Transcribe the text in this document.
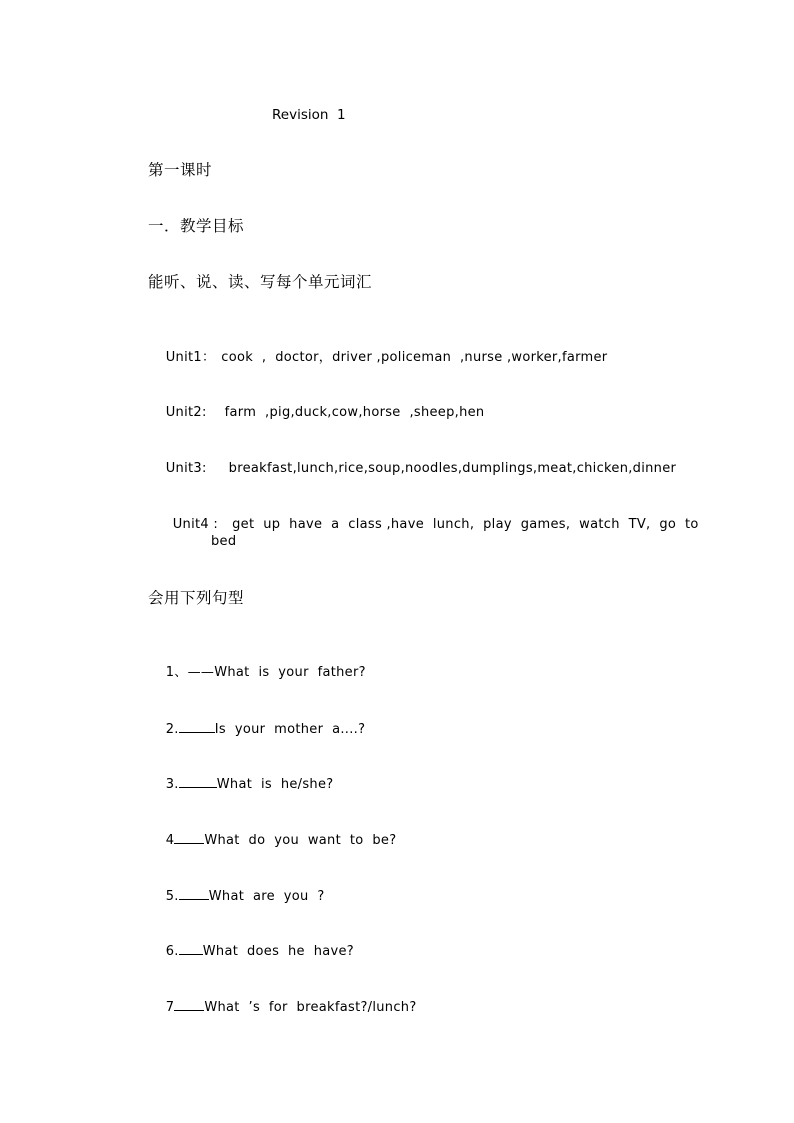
Revision  1
第一课时
一．教学目标
能听、说、读、写每个单元词汇

Unit1： cook  ,  doctor，driver ,policeman  ,nurse ,worker,farmer

Unit2: farm  ,pig,duck,cow,horse  ,sheep,hen

Unit3: breakfast,lunch,rice,soup,noodles,dumplings,meat,chicken,dinner

Unit4 : get  up  have  a  class ,have  lunch,  play  games,  watch  TV,  go  to

bed
会用下列句型

1、——What  is  your  father?

2.	Is  your  mother  a....?

3.	What  is  he/she?

4 What  do  you  want  to  be?

5. What  are  you  ?

6. What  does  he  have?

7 What  ’s  for  breakfast?/lunch?
